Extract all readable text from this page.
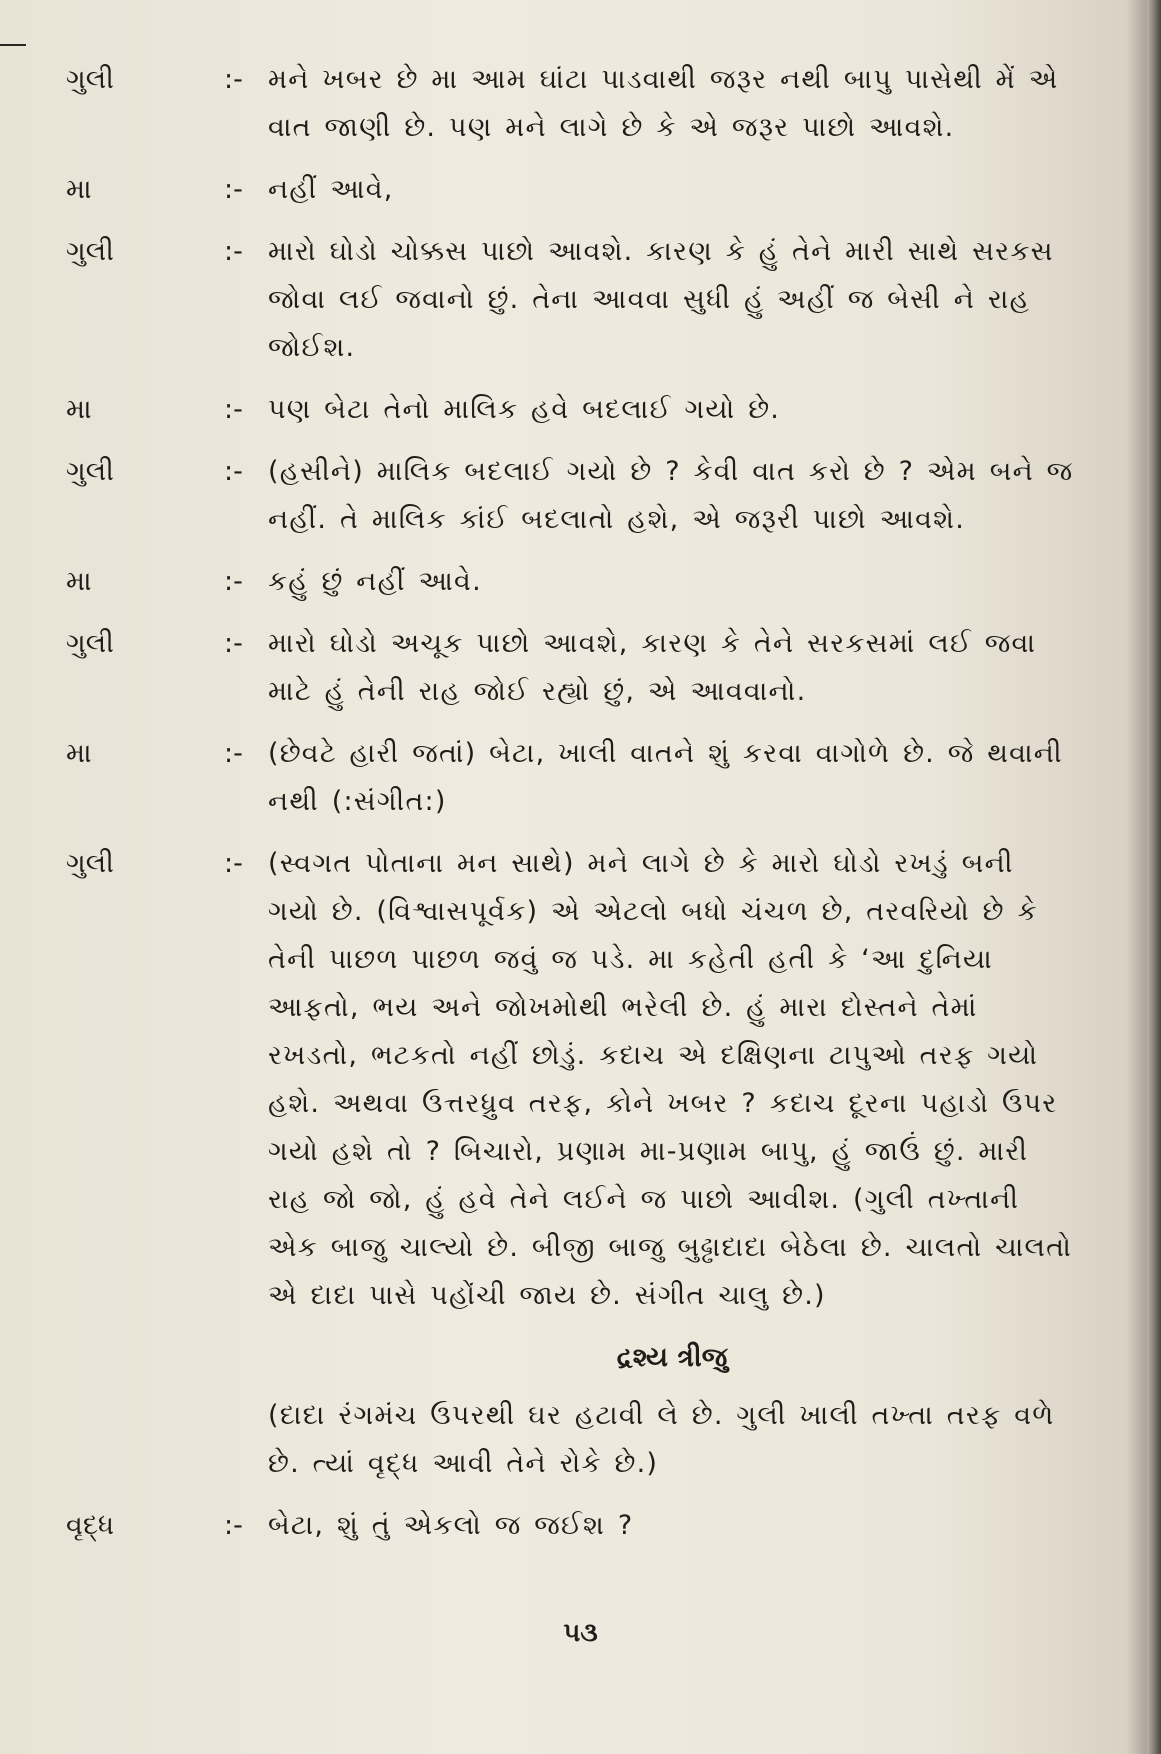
ગુલી	:- મને ખબર છે મા આમ ઘાંટા પાડવાથી જરૂર નથી બાપુ પાસેથી મેં એ વાત જાણી છે. પણ મને લાગે છે કે એ જરૂર પાછો આવશે.
મા	:- નહીં આવે,
ગુલી	:- મારો ઘોડો ચોક્કસ પાછો આવશે. કારણ કે હું તેને મારી સાથે સરકસ જોવા લઈ જવાનો છું. તેના આવવા સુધી હું અહીં જ બેસી ને રાહ જોઈશ.
મા	:- પણ બેટા તેનો માલિક હવે બદલાઈ ગયો છે.
ગુલી	:- (હસીને) માલિક બદલાઈ ગયો છે ? કેવી વાત કરો છે ? એમ બને જ નહીં. તે માલિક કાંઈ બદલાતો હશે, એ જરૂરી પાછો આવશે.
મા	:- કહું છું નહીં આવે.
ગુલી	:- મારો ઘોડો અચૂક પાછો આવશે, કારણ કે તેને સરકસમાં લઈ જવા માટે હું તેની રાહ જોઈ રહ્યો છું, એ આવવાનો.
મા	:- (છેવટે હારી જતાં) બેટા, ખાલી વાતને શું કરવા વાગોળે છે. જે થવાની નથી (:સંગીત:)
ગુલી	:- (સ્વગત પોતાના મન સાથે) મને લાગે છે કે મારો ઘોડો રખડું બની ગયો છે. (વિશ્વાસપૂર્વક) એ એટલો બધો ચંચળ છે, તરવરિયો છે કે તેની પાછળ પાછળ જવું જ પડે. મા કહેતી હતી કે ‘આ દુનિયા આફતો, ભય અને જોખમોથી ભરેલી છે. હું મારા દોસ્તને તેમાં રખડતો, ભટકતો નહીં છોડું. કદાચ એ દક્ષિણના ટાપુઓ તરફ ગયો હશે. અથવા ઉત્તરધ્રુવ તરફ, કોને ખબર ? કદાચ દૂરના પહાડો ઉપર ગયો હશે તો ? બિચારો, પ્રણામ મા-પ્રણામ બાપુ, હું જાઉં છું. મારી રાહ જો જો, હું હવે તેને લઈને જ પાછો આવીશ. (ગુલી તખ્તાની એક બાજુ ચાલ્યો છે. બીજી બાજુ બુઢ્ઢાદાદા બેઠેલા છે. ચાલતો ચાલતો એ દાદા પાસે પહોંચી જાય છે. સંગીત ચાલુ છે.)
દ્રશ્ય ત્રીજુ
(દાદા રંગમંચ ઉપરથી ઘર હટાવી લે છે. ગુલી ખાલી તખ્તા તરફ વળે છે. ત્યાં વૃદ્ધ આવી તેને રોકે છે.)
વૃદ્ધ	:- બેટા, શું તું એકલો જ જઈશ ?
૫૩
